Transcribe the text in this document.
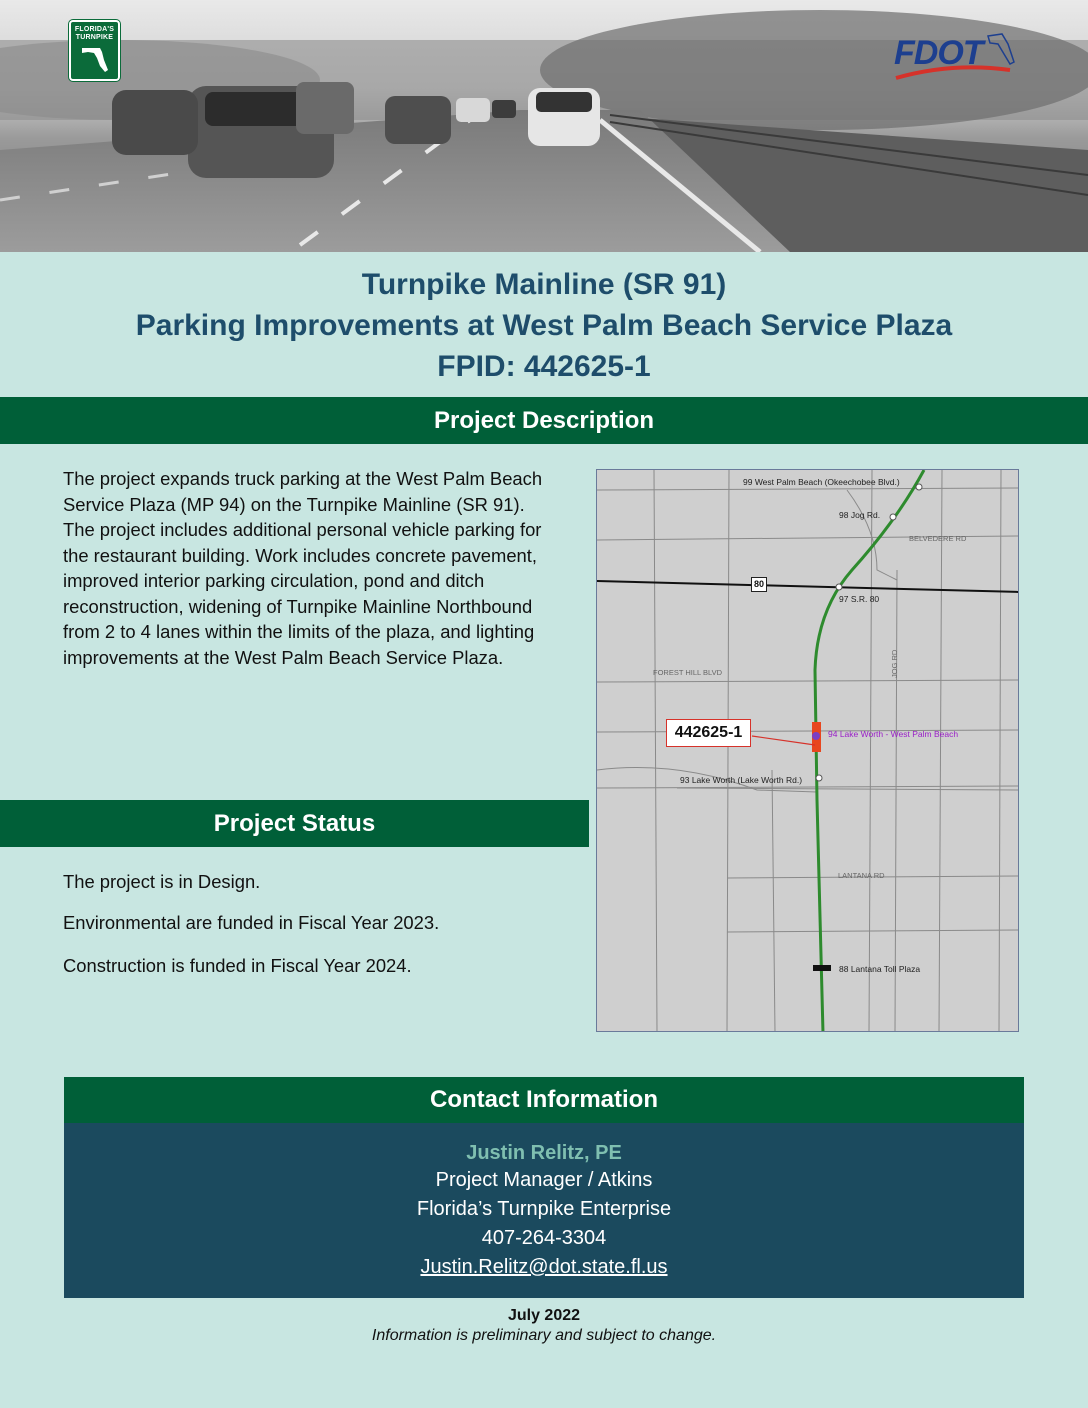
FLORIDA'S TURNPIKE	FDOT
Turnpike Mainline (SR 91)
Parking Improvements at West Palm Beach Service Plaza
FPID: 442625-1
Project Description

The project expands truck parking at the West Palm Beach Service Plaza (MP 94) on the Turnpike Mainline (SR 91). The project includes additional personal vehicle parking for the restaurant building. Work includes concrete pavement, improved interior parking circulation, pond and ditch reconstruction, widening of Turnpike Mainline Northbound from 2 to 4 lanes within the limits of the plaza, and lighting improvements at the West Palm Beach Service Plaza.

Project Status
The project is in Design.
Environmental are funded in Fiscal Year 2023.
Construction is funded in Fiscal Year 2024.
99 West Palm Beach (Okeechobee Blvd.)
98 Jog Rd.
BELVEDERE RD
97 S.R. 80
FOREST HILL BLVD	JOG RD
94 Lake Worth - West Palm Beach
93 Lake Worth (Lake Worth Rd.)
LANTANA RD
88 Lantana Toll Plaza
80
442625-1
Contact Information
Justin Relitz, PE
Project Manager / Atkins
Florida’s Turnpike Enterprise
407-264-3304
Justin.Relitz@dot.state.fl.us
July 2022
Information is preliminary and subject to change.
